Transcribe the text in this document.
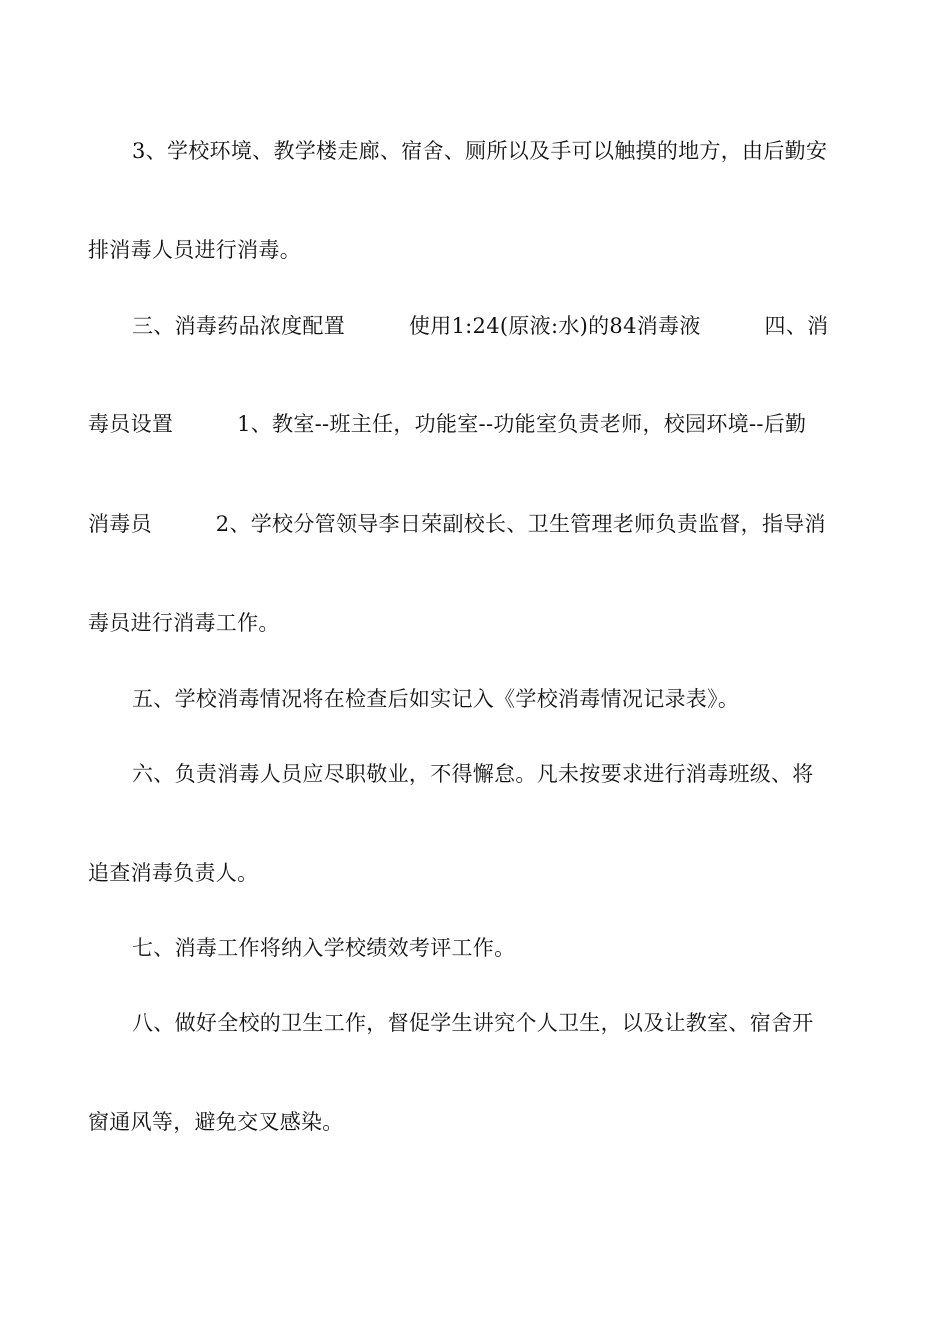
3、学校环境、教学楼走廊、宿舍、厕所以及手可以触摸的地方，由后勤安
排消毒人员进行消毒。
三、消毒药品浓度配置　　　使用1:24(原液:水)的84消毒液　　　四、消
毒员设置　　　1、教室--班主任，功能室--功能室负责老师，校园环境--后勤
消毒员　　　2、学校分管领导李日荣副校长、卫生管理老师负责监督，指导消
毒员进行消毒工作。
五、学校消毒情况将在检查后如实记入《学校消毒情况记录表》。
六、负责消毒人员应尽职敬业，不得懈怠。凡未按要求进行消毒班级、将
追查消毒负责人。
七、消毒工作将纳入学校绩效考评工作。
八、做好全校的卫生工作，督促学生讲究个人卫生，以及让教室、宿舍开
窗通风等，避免交叉感染。
